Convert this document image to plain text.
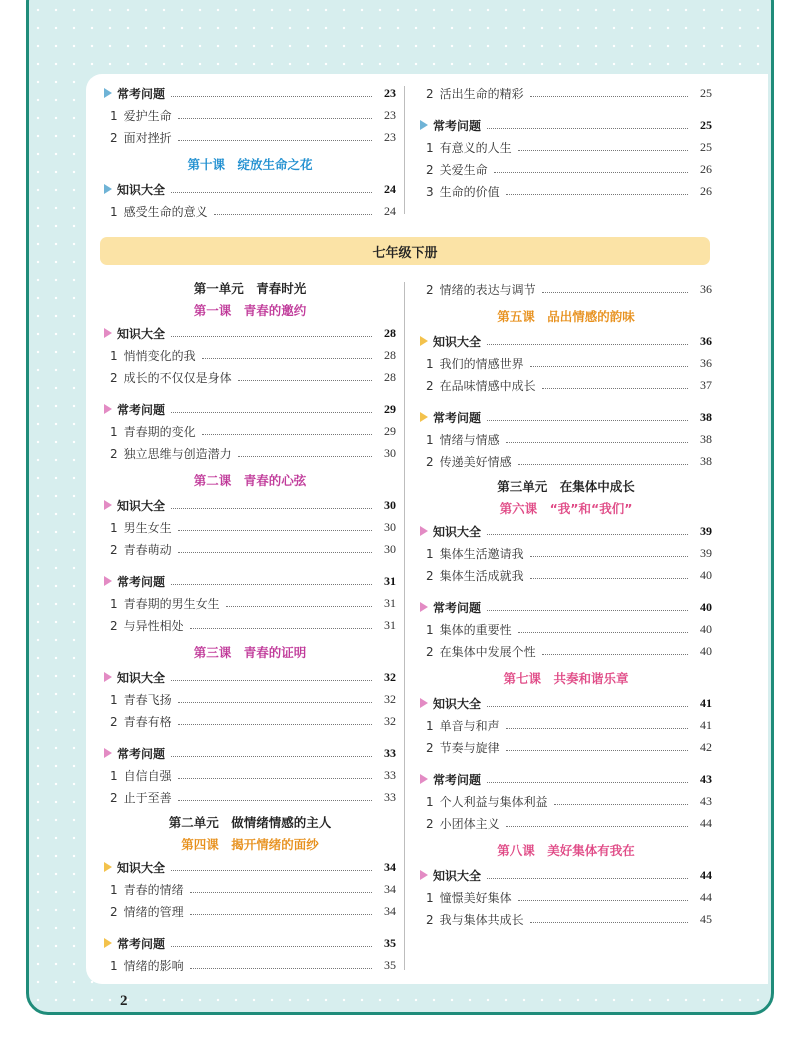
常考问题	23
1 爱护生命	23
2 面对挫折	23
第十课　绽放生命之花
知识大全	24
1 感受生命的意义	24
2 活出生命的精彩	25
常考问题	25
1 有意义的人生	25
2 关爱生命	26
3 生命的价值	26
七年级下册
第一单元　青春时光
第一课　青春的邀约
知识大全	28
1 悄悄变化的我	28
2 成长的不仅仅是身体	28
常考问题	29
1 青春期的变化	29
2 独立思维与创造潜力	30
第二课　青春的心弦
知识大全	30
1 男生女生	30
2 青春萌动	30
常考问题	31
1 青春期的男生女生	31
2 与异性相处	31
第三课　青春的证明
知识大全	32
1 青春飞扬	32
2 青春有格	32
常考问题	33
1 自信自强	33
2 止于至善	33
第二单元　做情绪情感的主人
第四课　揭开情绪的面纱
知识大全	34
1 青春的情绪	34
2 情绪的管理	34
常考问题	35
1 情绪的影响	35
2 情绪的表达与调节	36
第五课　品出情感的韵味
知识大全	36
1 我们的情感世界	36
2 在品味情感中成长	37
常考问题	38
1 情绪与情感	38
2 传递美好情感	38
第三单元　在集体中成长
第六课　“我”和“我们”
知识大全	39
1 集体生活邀请我	39
2 集体生活成就我	40
常考问题	40
1 集体的重要性	40
2 在集体中发展个性	40
第七课　共奏和谐乐章
知识大全	41
1 单音与和声	41
2 节奏与旋律	42
常考问题	43
1 个人利益与集体利益	43
2 小团体主义	44
第八课　美好集体有我在
知识大全	44
1 憧憬美好集体	44
2 我与集体共成长	45
2
